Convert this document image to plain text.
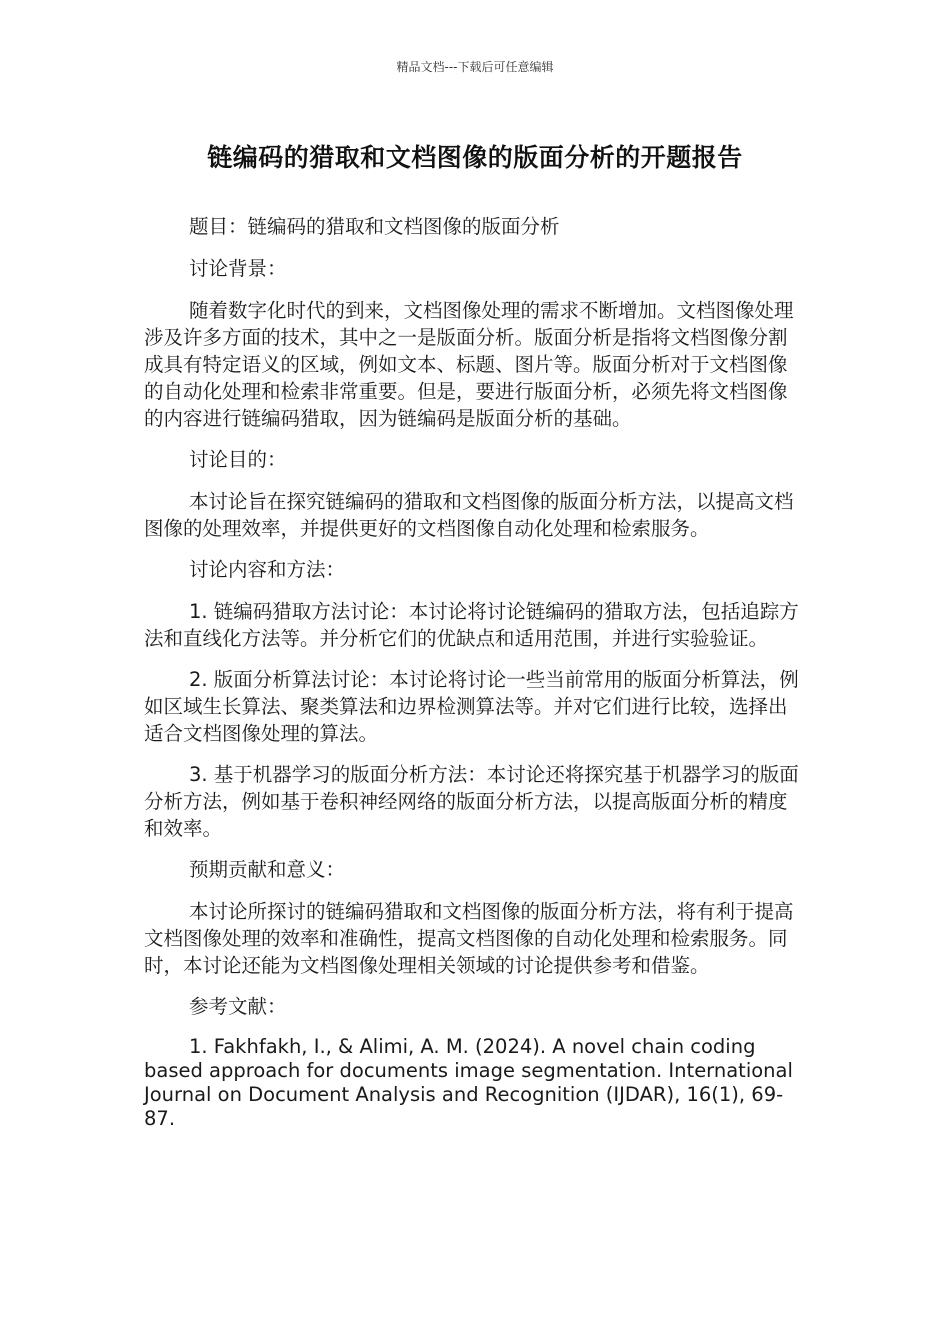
精品文档---下载后可任意编辑
链编码的猎取和文档图像的版面分析的开题报告

题目：链编码的猎取和文档图像的版面分析

讨论背景：

随着数字化时代的到来，文档图像处理的需求不断增加。文档图像处理涉及许多方面的技术，其中之一是版面分析。版面分析是指将文档图像分割成具有特定语义的区域，例如文本、标题、图片等。版面分析对于文档图像的自动化处理和检索非常重要。但是，要进行版面分析，必须先将文档图像的内容进行链编码猎取，因为链编码是版面分析的基础。

讨论目的：

本讨论旨在探究链编码的猎取和文档图像的版面分析方法，以提高文档图像的处理效率，并提供更好的文档图像自动化处理和检索服务。

讨论内容和方法：

1. 链编码猎取方法讨论：本讨论将讨论链编码的猎取方法，包括追踪方法和直线化方法等。并分析它们的优缺点和适用范围，并进行实验验证。

2. 版面分析算法讨论：本讨论将讨论一些当前常用的版面分析算法，例如区域生长算法、聚类算法和边界检测算法等。并对它们进行比较，选择出适合文档图像处理的算法。

3. 基于机器学习的版面分析方法：本讨论还将探究基于机器学习的版面分析方法，例如基于卷积神经网络的版面分析方法，以提高版面分析的精度和效率。

预期贡献和意义：

本讨论所探讨的链编码猎取和文档图像的版面分析方法，将有利于提高文档图像处理的效率和准确性，提高文档图像的自动化处理和检索服务。同时，本讨论还能为文档图像处理相关领域的讨论提供参考和借鉴。

参考文献：

1. Fakhfakh, I., & Alimi, A. M. (2024). A novel chain coding based approach for documents image segmentation. International Journal on Document Analysis and Recognition (IJDAR), 16(1), 69-87.
